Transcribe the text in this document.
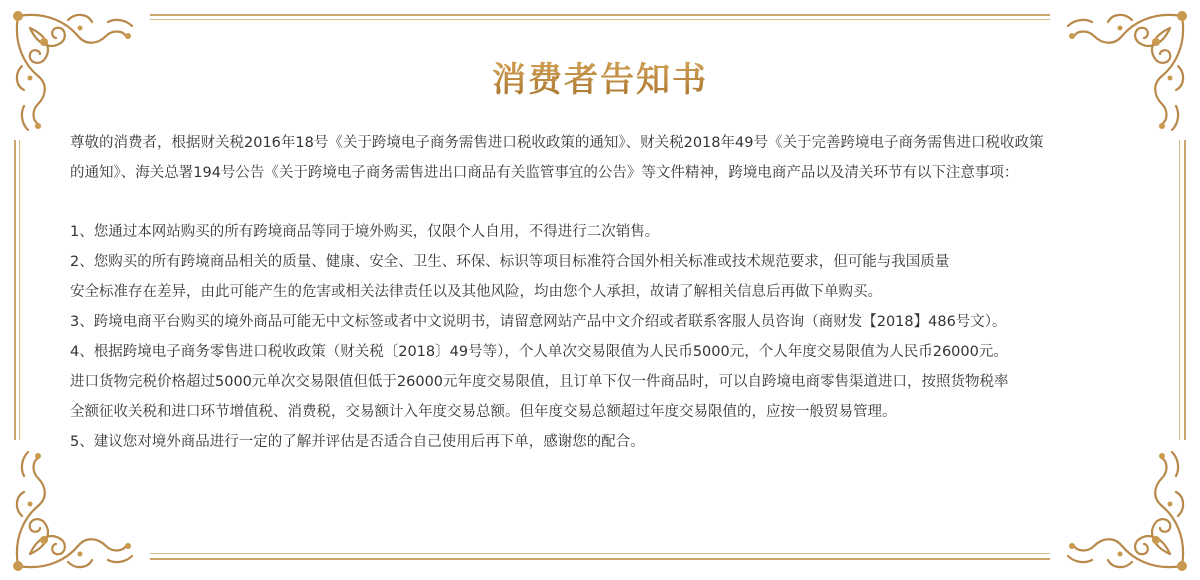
消费者告知书

尊敬的消费者，根据财关税2016年18号《关于跨境电子商务需售进口税收政策的通知》、财关税2018年49号《关于完善跨境电子商务需售进口税收政策

的通知》、海关总署194号公告《关于跨境电子商务需售进出口商品有关监管事宜的公告》等文件精神，跨境电商产品以及清关环节有以下注意事项：

1、您通过本网站购买的所有跨境商品等同于境外购买，仅限个人自用，不得进行二次销售。

2、您购买的所有跨境商品相关的质量、健康、安全、卫生、环保、标识等项目标准符合国外相关标准或技术规范要求，但可能与我国质量

安全标准存在差异，由此可能产生的危害或相关法律责任以及其他风险，均由您个人承担，故请了解相关信息后再做下单购买。

3、跨境电商平台购买的境外商品可能无中文标签或者中文说明书，请留意网站产品中文介绍或者联系客服人员咨询（商财发【2018】486号文）。

4、根据跨境电子商务零售进口税收政策（财关税〔2018〕49号等），个人单次交易限值为人民币5000元，个人年度交易限值为人民币26000元。

进口货物完税价格超过5000元单次交易限值但低于26000元年度交易限值，且订单下仅一件商品时，可以自跨境电商零售渠道进口，按照货物税率

全额征收关税和进口环节增值税、消费税，交易额计入年度交易总额。但年度交易总额超过年度交易限值的，应按一般贸易管理。

5、建议您对境外商品进行一定的了解并评估是否适合自己使用后再下单，感谢您的配合。
